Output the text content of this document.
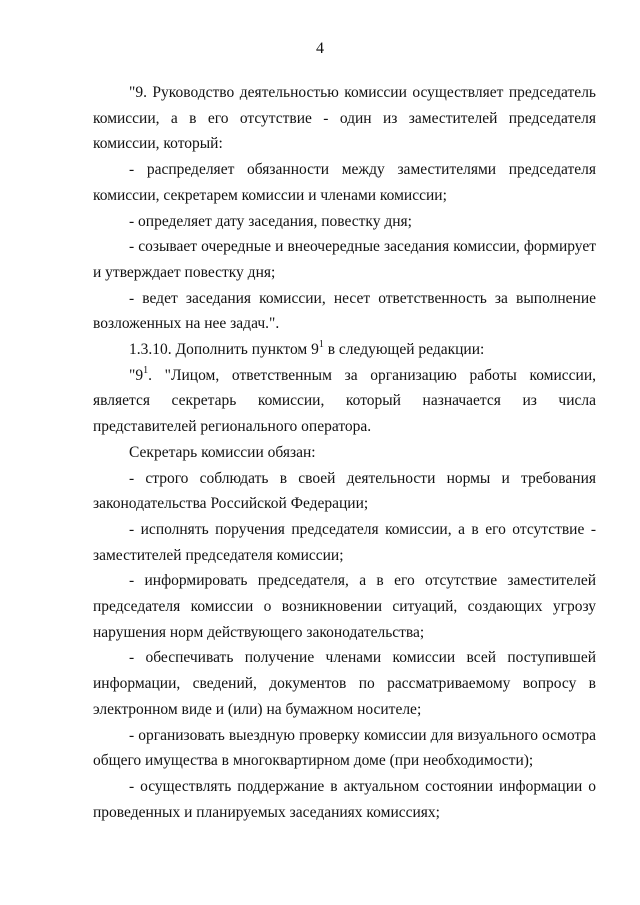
4

"9. Руководство деятельностью комиссии осуществляет председатель комиссии, а в его отсутствие - один из заместителей председателя комиссии, который:

- распределяет обязанности между заместителями председателя комиссии, секретарем комиссии и членами комиссии;

- определяет дату заседания, повестку дня;

- созывает очередные и внеочередные заседания комиссии, формирует и утверждает повестку дня;

- ведет заседания комиссии, несет ответственность за выполнение возложенных на нее задач.".

1.3.10. Дополнить пунктом $9^1$ в следующей редакции:

"$9^1$. "Лицом, ответственным за организацию работы комиссии, является секретарь комиссии, который назначается из числа представителей регионального оператора.

Секретарь комиссии обязан:

- строго соблюдать в своей деятельности нормы и требования законодательства Российской Федерации;

- исполнять поручения председателя комиссии, а в его отсутствие - заместителей председателя комиссии;

- информировать председателя, а в его отсутствие заместителей председателя комиссии о возникновении ситуаций, создающих угрозу нарушения норм действующего законодательства;

- обеспечивать получение членами комиссии всей поступившей информации, сведений, документов по рассматриваемому вопросу в электронном виде и (или) на бумажном носителе;

- организовать выездную проверку комиссии для визуального осмотра общего имущества в многоквартирном доме (при необходимости);

- осуществлять поддержание в актуальном состоянии информации о проведенных и планируемых заседаниях комиссиях;
